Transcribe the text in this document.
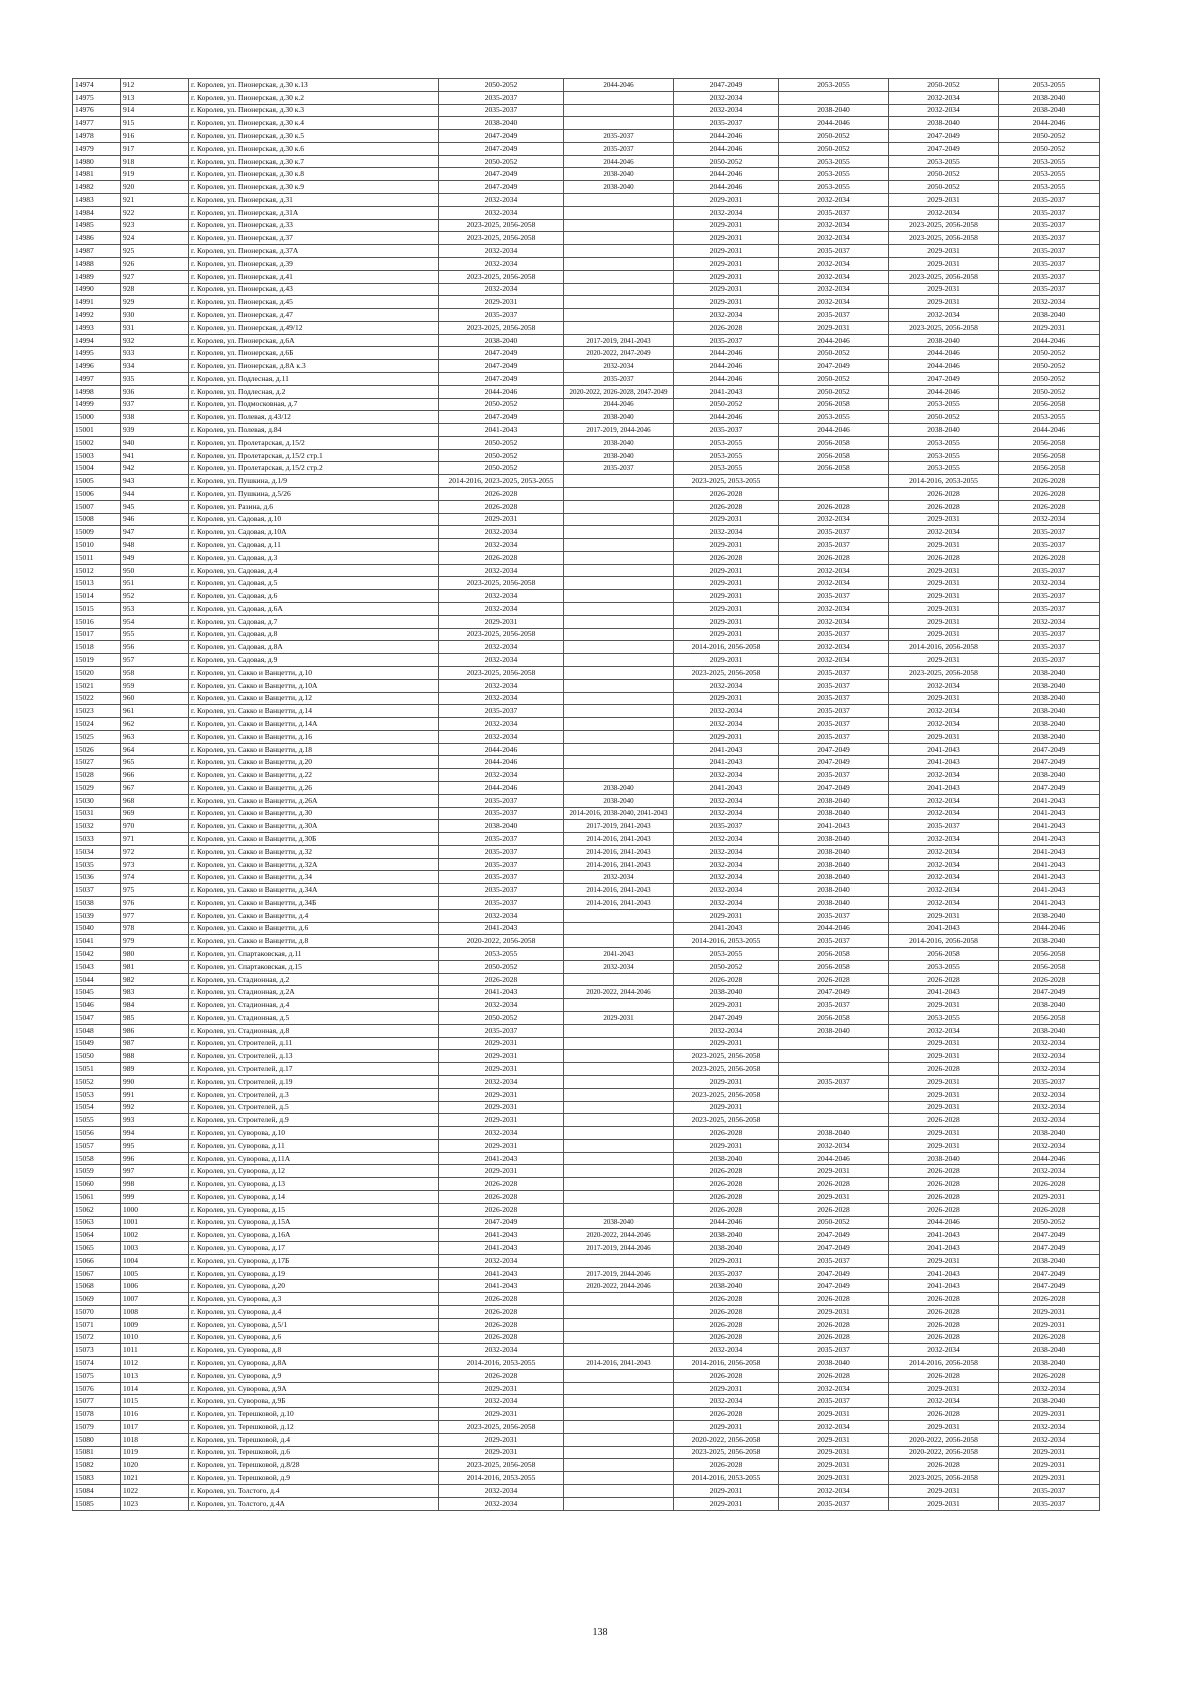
14974	912	г. Королев, ул. Пионерская, д.30 к.1З	2050-2052	2044-2046	2047-2049	2053-2055	2050-2052	2053-2055
14975	913	г. Королев, ул. Пионерская, д.30 к.2	2035-2037		2032-2034		2032-2034	2038-2040
14976	914	г. Королев, ул. Пионерская, д.30 к.3	2035-2037		2032-2034	2038-2040	2032-2034	2038-2040
14977	915	г. Королев, ул. Пионерская, д.30 к.4	2038-2040		2035-2037	2044-2046	2038-2040	2044-2046
14978	916	г. Королев, ул. Пионерская, д.30 к.5	2047-2049	2035-2037	2044-2046	2050-2052	2047-2049	2050-2052
14979	917	г. Королев, ул. Пионерская, д.30 к.6	2047-2049	2035-2037	2044-2046	2050-2052	2047-2049	2050-2052
14980	918	г. Королев, ул. Пионерская, д.30 к.7	2050-2052	2044-2046	2050-2052	2053-2055	2053-2055	2053-2055
14981	919	г. Королев, ул. Пионерская, д.30 к.8	2047-2049	2038-2040	2044-2046	2053-2055	2050-2052	2053-2055
14982	920	г. Королев, ул. Пионерская, д.30 к.9	2047-2049	2038-2040	2044-2046	2053-2055	2050-2052	2053-2055
14983	921	г. Королев, ул. Пионерская, д.31	2032-2034		2029-2031	2032-2034	2029-2031	2035-2037
14984	922	г. Королев, ул. Пионерская, д.31А	2032-2034		2032-2034	2035-2037	2032-2034	2035-2037
14985	923	г. Королев, ул. Пионерская, д.33	2023-2025, 2056-2058		2029-2031	2032-2034	2023-2025, 2056-2058	2035-2037
14986	924	г. Королев, ул. Пионерская, д.37	2023-2025, 2056-2058		2029-2031	2032-2034	2023-2025, 2056-2058	2035-2037
14987	925	г. Королев, ул. Пионерская, д.37А	2032-2034		2029-2031	2035-2037	2029-2031	2035-2037
14988	926	г. Королев, ул. Пионерская, д.39	2032-2034		2029-2031	2032-2034	2029-2031	2035-2037
14989	927	г. Королев, ул. Пионерская, д.41	2023-2025, 2056-2058		2029-2031	2032-2034	2023-2025, 2056-2058	2035-2037
14990	928	г. Королев, ул. Пионерская, д.43	2032-2034		2029-2031	2032-2034	2029-2031	2035-2037
14991	929	г. Королев, ул. Пионерская, д.45	2029-2031		2029-2031	2032-2034	2029-2031	2032-2034
14992	930	г. Королев, ул. Пионерская, д.47	2035-2037		2032-2034	2035-2037	2032-2034	2038-2040
14993	931	г. Королев, ул. Пионерская, д.49/12	2023-2025, 2056-2058		2026-2028	2029-2031	2023-2025, 2056-2058	2029-2031
14994	932	г. Королев, ул. Пионерская, д.6А	2038-2040	2017-2019, 2041-2043	2035-2037	2044-2046	2038-2040	2044-2046
14995	933	г. Королев, ул. Пионерская, д.6Б	2047-2049	2020-2022, 2047-2049	2044-2046	2050-2052	2044-2046	2050-2052
14996	934	г. Королев, ул. Пионерская, д.8А к.3	2047-2049	2032-2034	2044-2046	2047-2049	2044-2046	2050-2052
14997	935	г. Королев, ул. Подлесная, д.11	2047-2049	2035-2037	2044-2046	2050-2052	2047-2049	2050-2052
14998	936	г. Королев, ул. Подлесная, д.2	2044-2046	2020-2022, 2026-2028, 2047-2049	2041-2043	2050-2052	2044-2046	2050-2052
14999	937	г. Королев, ул. Подмосковная, д.7	2050-2052	2044-2046	2050-2052	2056-2058	2053-2055	2056-2058
15000	938	г. Королев, ул. Полевая, д.43/12	2047-2049	2038-2040	2044-2046	2053-2055	2050-2052	2053-2055
15001	939	г. Королев, ул. Полевая, д.84	2041-2043	2017-2019, 2044-2046	2035-2037	2044-2046	2038-2040	2044-2046
15002	940	г. Королев, ул. Пролетарская, д.15/2	2050-2052	2038-2040	2053-2055	2056-2058	2053-2055	2056-2058
15003	941	г. Королев, ул. Пролетарская, д.15/2 стр.1	2050-2052	2038-2040	2053-2055	2056-2058	2053-2055	2056-2058
15004	942	г. Королев, ул. Пролетарская, д.15/2 стр.2	2050-2052	2035-2037	2053-2055	2056-2058	2053-2055	2056-2058
15005	943	г. Королев, ул. Пушкина, д.1/9	2014-2016, 2023-2025, 2053-2055		2023-2025, 2053-2055		2014-2016, 2053-2055	2026-2028
15006	944	г. Королев, ул. Пушкина, д.5/26	2026-2028		2026-2028		2026-2028	2026-2028
15007	945	г. Королев, ул. Разина, д.6	2026-2028		2026-2028	2026-2028	2026-2028	2026-2028
15008	946	г. Королев, ул. Садовая, д.10	2029-2031		2029-2031	2032-2034	2029-2031	2032-2034
15009	947	г. Королев, ул. Садовая, д.10А	2032-2034		2032-2034	2035-2037	2032-2034	2035-2037
15010	948	г. Королев, ул. Садовая, д.11	2032-2034		2029-2031	2035-2037	2029-2031	2035-2037
15011	949	г. Королев, ул. Садовая, д.3	2026-2028		2026-2028	2026-2028	2026-2028	2026-2028
15012	950	г. Королев, ул. Садовая, д.4	2032-2034		2029-2031	2032-2034	2029-2031	2035-2037
15013	951	г. Королев, ул. Садовая, д.5	2023-2025, 2056-2058		2029-2031	2032-2034	2029-2031	2032-2034
15014	952	г. Королев, ул. Садовая, д.6	2032-2034		2029-2031	2035-2037	2029-2031	2035-2037
15015	953	г. Королев, ул. Садовая, д.6А	2032-2034		2029-2031	2032-2034	2029-2031	2035-2037
15016	954	г. Королев, ул. Садовая, д.7	2029-2031		2029-2031	2032-2034	2029-2031	2032-2034
15017	955	г. Королев, ул. Садовая, д.8	2023-2025, 2056-2058		2029-2031	2035-2037	2029-2031	2035-2037
15018	956	г. Королев, ул. Садовая, д.8А	2032-2034		2014-2016, 2056-2058	2032-2034	2014-2016, 2056-2058	2035-2037
15019	957	г. Королев, ул. Садовая, д.9	2032-2034		2029-2031	2032-2034	2029-2031	2035-2037
15020	958	г. Королев, ул. Сакко и Ванцетти, д.10	2023-2025, 2056-2058		2023-2025, 2056-2058	2035-2037	2023-2025, 2056-2058	2038-2040
15021	959	г. Королев, ул. Сакко и Ванцетти, д.10А	2032-2034		2032-2034	2035-2037	2032-2034	2038-2040
15022	960	г. Королев, ул. Сакко и Ванцетти, д.12	2032-2034		2029-2031	2035-2037	2029-2031	2038-2040
15023	961	г. Королев, ул. Сакко и Ванцетти, д.14	2035-2037		2032-2034	2035-2037	2032-2034	2038-2040
15024	962	г. Королев, ул. Сакко и Ванцетти, д.14А	2032-2034		2032-2034	2035-2037	2032-2034	2038-2040
15025	963	г. Королев, ул. Сакко и Ванцетти, д.16	2032-2034		2029-2031	2035-2037	2029-2031	2038-2040
15026	964	г. Королев, ул. Сакко и Ванцетти, д.18	2044-2046		2041-2043	2047-2049	2041-2043	2047-2049
15027	965	г. Королев, ул. Сакко и Ванцетти, д.20	2044-2046		2041-2043	2047-2049	2041-2043	2047-2049
15028	966	г. Королев, ул. Сакко и Ванцетти, д.22	2032-2034		2032-2034	2035-2037	2032-2034	2038-2040
15029	967	г. Королев, ул. Сакко и Ванцетти, д.26	2044-2046	2038-2040	2041-2043	2047-2049	2041-2043	2047-2049
15030	968	г. Королев, ул. Сакко и Ванцетти, д.26А	2035-2037	2038-2040	2032-2034	2038-2040	2032-2034	2041-2043
15031	969	г. Королев, ул. Сакко и Ванцетти, д.30	2035-2037	2014-2016, 2038-2040, 2041-2043	2032-2034	2038-2040	2032-2034	2041-2043
15032	970	г. Королев, ул. Сакко и Ванцетти, д.30А	2038-2040	2017-2019, 2041-2043	2035-2037	2041-2043	2035-2037	2041-2043
15033	971	г. Королев, ул. Сакко и Ванцетти, д.30Б	2035-2037	2014-2016, 2041-2043	2032-2034	2038-2040	2032-2034	2041-2043
15034	972	г. Королев, ул. Сакко и Ванцетти, д.32	2035-2037	2014-2016, 2041-2043	2032-2034	2038-2040	2032-2034	2041-2043
15035	973	г. Королев, ул. Сакко и Ванцетти, д.32А	2035-2037	2014-2016, 2041-2043	2032-2034	2038-2040	2032-2034	2041-2043
15036	974	г. Королев, ул. Сакко и Ванцетти, д.34	2035-2037	2032-2034	2032-2034	2038-2040	2032-2034	2041-2043
15037	975	г. Королев, ул. Сакко и Ванцетти, д.34А	2035-2037	2014-2016, 2041-2043	2032-2034	2038-2040	2032-2034	2041-2043
15038	976	г. Королев, ул. Сакко и Ванцетти, д.34Б	2035-2037	2014-2016, 2041-2043	2032-2034	2038-2040	2032-2034	2041-2043
15039	977	г. Королев, ул. Сакко и Ванцетти, д.4	2032-2034		2029-2031	2035-2037	2029-2031	2038-2040
15040	978	г. Королев, ул. Сакко и Ванцетти, д.6	2041-2043		2041-2043	2044-2046	2041-2043	2044-2046
15041	979	г. Королев, ул. Сакко и Ванцетти, д.8	2020-2022, 2056-2058		2014-2016, 2053-2055	2035-2037	2014-2016, 2056-2058	2038-2040
15042	980	г. Королев, ул. Спартаковская, д.11	2053-2055	2041-2043	2053-2055	2056-2058	2056-2058	2056-2058
15043	981	г. Королев, ул. Спартаковская, д.15	2050-2052	2032-2034	2050-2052	2056-2058	2053-2055	2056-2058
15044	982	г. Королев, ул. Стадионная, д.2	2026-2028		2026-2028	2026-2028	2026-2028	2026-2028
15045	983	г. Королев, ул. Стадионная, д.2А	2041-2043	2020-2022, 2044-2046	2038-2040	2047-2049	2041-2043	2047-2049
15046	984	г. Королев, ул. Стадионная, д.4	2032-2034		2029-2031	2035-2037	2029-2031	2038-2040
15047	985	г. Королев, ул. Стадионная, д.5	2050-2052	2029-2031	2047-2049	2056-2058	2053-2055	2056-2058
15048	986	г. Королев, ул. Стадионная, д.8	2035-2037		2032-2034	2038-2040	2032-2034	2038-2040
15049	987	г. Королев, ул. Строителей, д.11	2029-2031		2029-2031		2029-2031	2032-2034
15050	988	г. Королев, ул. Строителей, д.13	2029-2031		2023-2025, 2056-2058		2029-2031	2032-2034
15051	989	г. Королев, ул. Строителей, д.17	2029-2031		2023-2025, 2056-2058		2026-2028	2032-2034
15052	990	г. Королев, ул. Строителей, д.19	2032-2034		2029-2031	2035-2037	2029-2031	2035-2037
15053	991	г. Королев, ул. Строителей, д.3	2029-2031		2023-2025, 2056-2058		2029-2031	2032-2034
15054	992	г. Королев, ул. Строителей, д.5	2029-2031		2029-2031		2029-2031	2032-2034
15055	993	г. Королев, ул. Строителей, д.9	2029-2031		2023-2025, 2056-2058		2026-2028	2032-2034
15056	994	г. Королев, ул. Суворова, д.10	2032-2034		2026-2028	2038-2040	2029-2031	2038-2040
15057	995	г. Королев, ул. Суворова, д.11	2029-2031		2029-2031	2032-2034	2029-2031	2032-2034
15058	996	г. Королев, ул. Суворова, д.11А	2041-2043		2038-2040	2044-2046	2038-2040	2044-2046
15059	997	г. Королев, ул. Суворова, д.12	2029-2031		2026-2028	2029-2031	2026-2028	2032-2034
15060	998	г. Королев, ул. Суворова, д.13	2026-2028		2026-2028	2026-2028	2026-2028	2026-2028
15061	999	г. Королев, ул. Суворова, д.14	2026-2028		2026-2028	2029-2031	2026-2028	2029-2031
15062	1000	г. Королев, ул. Суворова, д.15	2026-2028		2026-2028	2026-2028	2026-2028	2026-2028
15063	1001	г. Королев, ул. Суворова, д.15А	2047-2049	2038-2040	2044-2046	2050-2052	2044-2046	2050-2052
15064	1002	г. Королев, ул. Суворова, д.16А	2041-2043	2020-2022, 2044-2046	2038-2040	2047-2049	2041-2043	2047-2049
15065	1003	г. Королев, ул. Суворова, д.17	2041-2043	2017-2019, 2044-2046	2038-2040	2047-2049	2041-2043	2047-2049
15066	1004	г. Королев, ул. Суворова, д.17Б	2032-2034		2029-2031	2035-2037	2029-2031	2038-2040
15067	1005	г. Королев, ул. Суворова, д.19	2041-2043	2017-2019, 2044-2046	2035-2037	2047-2049	2041-2043	2047-2049
15068	1006	г. Королев, ул. Суворова, д.20	2041-2043	2020-2022, 2044-2046	2038-2040	2047-2049	2041-2043	2047-2049
15069	1007	г. Королев, ул. Суворова, д.3	2026-2028		2026-2028	2026-2028	2026-2028	2026-2028
15070	1008	г. Королев, ул. Суворова, д.4	2026-2028		2026-2028	2029-2031	2026-2028	2029-2031
15071	1009	г. Королев, ул. Суворова, д.5/1	2026-2028		2026-2028	2026-2028	2026-2028	2029-2031
15072	1010	г. Королев, ул. Суворова, д.6	2026-2028		2026-2028	2026-2028	2026-2028	2026-2028
15073	1011	г. Королев, ул. Суворова, д.8	2032-2034		2032-2034	2035-2037	2032-2034	2038-2040
15074	1012	г. Королев, ул. Суворова, д.8А	2014-2016, 2053-2055	2014-2016, 2041-2043	2014-2016, 2056-2058	2038-2040	2014-2016, 2056-2058	2038-2040
15075	1013	г. Королев, ул. Суворова, д.9	2026-2028		2026-2028	2026-2028	2026-2028	2026-2028
15076	1014	г. Королев, ул. Суворова, д.9А	2029-2031		2029-2031	2032-2034	2029-2031	2032-2034
15077	1015	г. Королев, ул. Суворова, д.9Б	2032-2034		2032-2034	2035-2037	2032-2034	2038-2040
15078	1016	г. Королев, ул. Терешковой, д.10	2029-2031		2026-2028	2029-2031	2026-2028	2029-2031
15079	1017	г. Королев, ул. Терешковой, д.12	2023-2025, 2056-2058		2029-2031	2032-2034	2029-2031	2032-2034
15080	1018	г. Королев, ул. Терешковой, д.4	2029-2031		2020-2022, 2056-2058	2029-2031	2020-2022, 2056-2058	2032-2034
15081	1019	г. Королев, ул. Терешковой, д.6	2029-2031		2023-2025, 2056-2058	2029-2031	2020-2022, 2056-2058	2029-2031
15082	1020	г. Королев, ул. Терешковой, д.8/28	2023-2025, 2056-2058		2026-2028	2029-2031	2026-2028	2029-2031
15083	1021	г. Королев, ул. Терешковой, д.9	2014-2016, 2053-2055		2014-2016, 2053-2055	2029-2031	2023-2025, 2056-2058	2029-2031
15084	1022	г. Королев, ул. Толстого, д.4	2032-2034		2029-2031	2032-2034	2029-2031	2035-2037
15085	1023	г. Королев, ул. Толстого, д.4А	2032-2034		2029-2031	2035-2037	2029-2031	2035-2037
138
